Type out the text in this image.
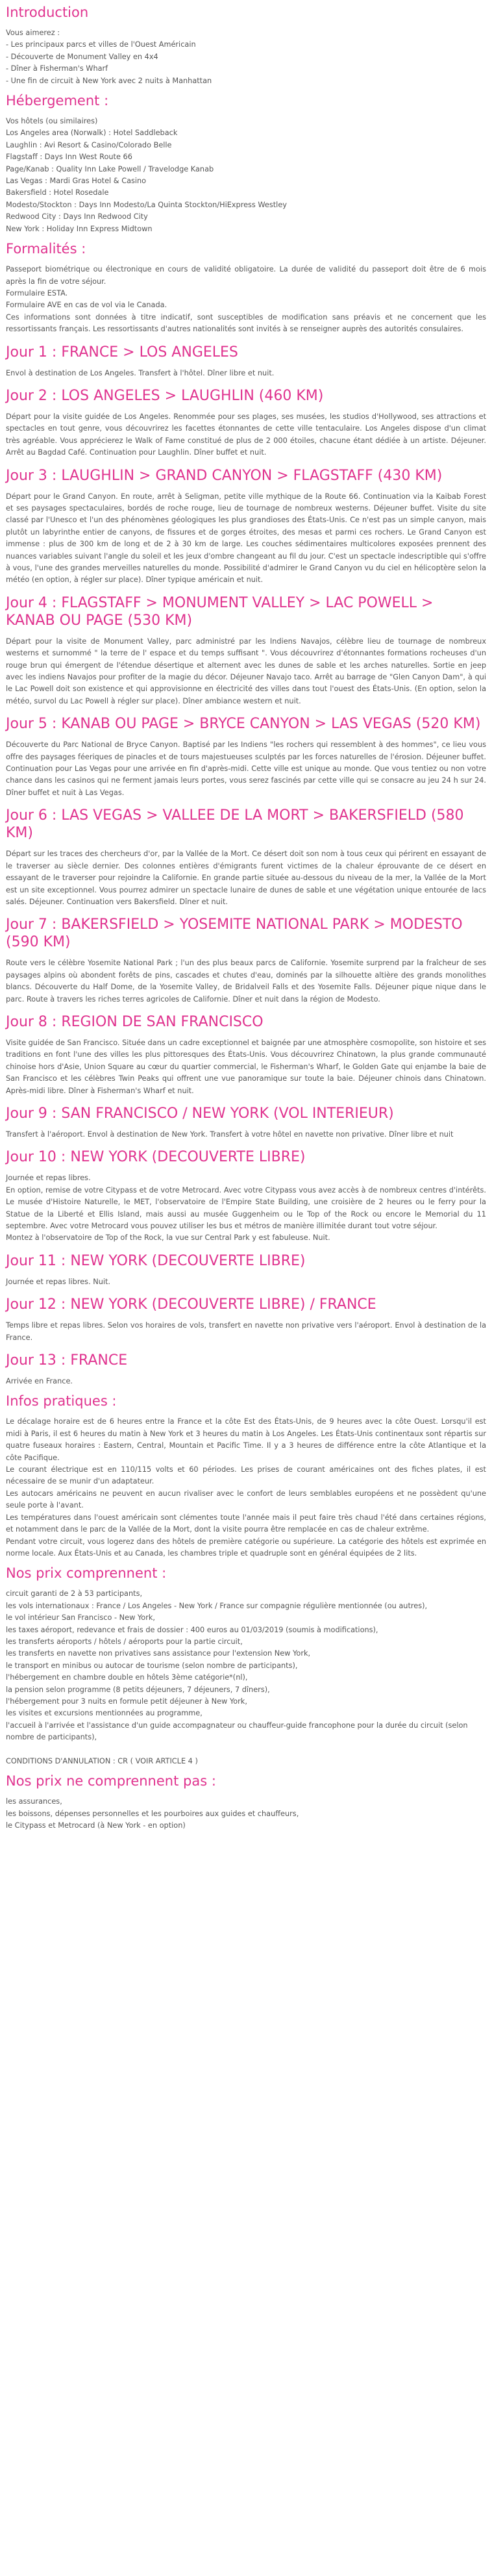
Introduction
Vous aimerez :
- Les principaux parcs et villes de l'Ouest Américain
- Découverte de Monument Valley en 4x4
- Dîner à Fisherman's Wharf
- Une fin de circuit à New York avec 2 nuits à Manhattan
Hébergement :
Vos hôtels (ou similaires)
Los Angeles area (Norwalk) : Hotel Saddleback
Laughlin : Avi Resort & Casino/Colorado Belle
Flagstaff : Days Inn West Route 66
Page/Kanab : Quality Inn Lake Powell / Travelodge Kanab
Las Vegas : Mardi Gras Hotel & Casino
Bakersfield : Hotel Rosedale
Modesto/Stockton : Days Inn Modesto/La Quinta Stockton/HiExpress Westley
Redwood City : Days Inn Redwood City
New York : Holiday Inn Express Midtown
Formalités :

Passeport biométrique ou électronique en cours de validité obligatoire. La durée de validité du passeport doit être de 6 mois après la fin de votre séjour.
Formulaire ESTA.
Formulaire AVE en cas de vol via le Canada.
Ces informations sont données à titre indicatif, sont susceptibles de modification sans préavis et ne concernent que les ressortissants français. Les ressortissants d'autres nationalités sont invités à se renseigner auprès des autorités consulaires.

Jour 1 : FRANCE > LOS ANGELES

Envol à destination de Los Angeles. Transfert à l'hôtel. Dîner libre et nuit.

Jour 2 : LOS ANGELES > LAUGHLIN (460 KM)

Départ pour la visite guidée de Los Angeles. Renommée pour ses plages, ses musées, les studios d'Hollywood, ses attractions et spectacles en tout genre, vous découvrirez les facettes étonnantes de cette ville tentaculaire. Los Angeles dispose d'un climat très agréable. Vous apprécierez le Walk of Fame constitué de plus de 2 000 étoiles, chacune étant dédiée à un artiste. Déjeuner. Arrêt au Bagdad Café. Continuation pour Laughlin. Dîner buffet et nuit.

Jour 3 : LAUGHLIN > GRAND CANYON > FLAGSTAFF (430 KM)

Départ pour le Grand Canyon. En route, arrêt à Seligman, petite ville mythique de la Route 66. Continuation via la Kaibab Forest et ses paysages spectaculaires, bordés de roche rouge, lieu de tournage de nombreux westerns. Déjeuner buffet. Visite du site classé par l'Unesco et l'un des phénomènes géologiques les plus grandioses des États-Unis. Ce n'est pas un simple canyon, mais plutôt un labyrinthe entier de canyons, de fissures et de gorges étroites, des mesas et parmi ces rochers. Le Grand Canyon est immense : plus de 300 km de long et de 2 à 30 km de large. Les couches sédimentaires multicolores exposées prennent des nuances variables suivant l'angle du soleil et les jeux d'ombre changeant au fil du jour. C'est un spectacle indescriptible qui s'offre à vous, l'une des grandes merveilles naturelles du monde. Possibilité d'admirer le Grand Canyon vu du ciel en hélicoptère selon la météo (en option, à régler sur place). Dîner typique américain et nuit.

Jour 4 : FLAGSTAFF > MONUMENT VALLEY > LAC POWELL > KANAB OU PAGE (530 KM)

Départ pour la visite de Monument Valley, parc administré par les Indiens Navajos, célèbre lieu de tournage de nombreux westerns et surnommé " la terre de l' espace et du temps suffisant ". Vous découvrirez d'étonnantes formations rocheuses d'un rouge brun qui émergent de l'étendue désertique et alternent avec les dunes de sable et les arches naturelles. Sortie en jeep avec les indiens Navajos pour profiter de la magie du décor. Déjeuner Navajo taco. Arrêt au barrage de "Glen Canyon Dam", à qui le Lac Powell doit son existence et qui approvisionne en électricité des villes dans tout l'ouest des États-Unis. (En option, selon la météo, survol du Lac Powell à régler sur place). Dîner ambiance western et nuit.

Jour 5 : KANAB OU PAGE > BRYCE CANYON > LAS VEGAS (520 KM)

Découverte du Parc National de Bryce Canyon. Baptisé par les Indiens "les rochers qui ressemblent à des hommes", ce lieu vous offre des paysages féeriques de pinacles et de tours majestueuses sculptés par les forces naturelles de l'érosion. Déjeuner buffet. Continuation pour Las Vegas pour une arrivée en fin d'après-midi. Cette ville est unique au monde. Que vous tentiez ou non votre chance dans les casinos qui ne ferment jamais leurs portes, vous serez fascinés par cette ville qui se consacre au jeu 24 h sur 24. Dîner buffet et nuit à Las Vegas.

Jour 6 : LAS VEGAS > VALLEE DE LA MORT > BAKERSFIELD (580 KM)

Départ sur les traces des chercheurs d'or, par la Vallée de la Mort. Ce désert doit son nom à tous ceux qui périrent en essayant de le traverser au siècle dernier. Des colonnes entières d'émigrants furent victimes de la chaleur éprouvante de ce désert en essayant de le traverser pour rejoindre la Californie. En grande partie située au-dessous du niveau de la mer, la Vallée de la Mort est un site exceptionnel. Vous pourrez admirer un spectacle lunaire de dunes de sable et une végétation unique entourée de lacs salés. Déjeuner. Continuation vers Bakersfield. Dîner et nuit.

Jour 7 : BAKERSFIELD > YOSEMITE NATIONAL PARK > MODESTO (590 KM)

Route vers le célèbre Yosemite National Park ; l'un des plus beaux parcs de Californie. Yosemite surprend par la fraîcheur de ses paysages alpins où abondent forêts de pins, cascades et chutes d'eau, dominés par la silhouette altière des grands monolithes blancs. Découverte du Half Dome, de la Yosemite Valley, de Bridalveil Falls et des Yosemite Falls. Déjeuner pique nique dans le parc. Route à travers les riches terres agricoles de Californie. Dîner et nuit dans la région de Modesto.

Jour 8 : REGION DE SAN FRANCISCO

Visite guidée de San Francisco. Située dans un cadre exceptionnel et baignée par une atmosphère cosmopolite, son histoire et ses traditions en font l'une des villes les plus pittoresques des États-Unis. Vous découvrirez Chinatown, la plus grande communauté chinoise hors d'Asie, Union Square au cœur du quartier commercial, le Fisherman's Wharf, le Golden Gate qui enjambe la baie de San Francisco et les célèbres Twin Peaks qui offrent une vue panoramique sur toute la baie. Déjeuner chinois dans Chinatown. Après-midi libre. Dîner à Fisherman's Wharf et nuit.

Jour 9 : SAN FRANCISCO / NEW YORK (VOL INTERIEUR)

Transfert à l'aéroport. Envol à destination de New York. Transfert à votre hôtel en navette non privative. Dîner libre et nuit

Jour 10 : NEW YORK (DECOUVERTE LIBRE)

Journée et repas libres.
En option, remise de votre Citypass et de votre Metrocard. Avec votre Citypass vous avez accès à de nombreux centres d'intérêts. Le musée d'Histoire Naturelle, le MET, l'observatoire de l'Empire State Building, une croisière de 2 heures ou le ferry pour la Statue de la Liberté et Ellis Island, mais aussi au musée Guggenheim ou le Top of the Rock ou encore le Memorial du 11 septembre. Avec votre Metrocard vous pouvez utiliser les bus et métros de manière illimitée durant tout votre séjour.
Montez à l'observatoire de Top of the Rock, la vue sur Central Park y est fabuleuse. Nuit.

Jour 11 : NEW YORK (DECOUVERTE LIBRE)

Journée et repas libres. Nuit.

Jour 12 : NEW YORK (DECOUVERTE LIBRE) / FRANCE

Temps libre et repas libres. Selon vos horaires de vols, transfert en navette non privative vers l'aéroport. Envol à destination de la France.

Jour 13 : FRANCE

Arrivée en France.

Infos pratiques :

Le décalage horaire est de 6 heures entre la France et la côte Est des États-Unis, de 9 heures avec la côte Ouest. Lorsqu'il est midi à Paris, il est 6 heures du matin à New York et 3 heures du matin à Los Angeles. Les États-Unis continentaux sont répartis sur quatre fuseaux horaires : Eastern, Central, Mountain et Pacific Time. Il y a 3 heures de différence entre la côte Atlantique et la côte Pacifique.
Le courant électrique est en 110/115 volts et 60 périodes. Les prises de courant américaines ont des fiches plates, il est nécessaire de se munir d'un adaptateur.
Les autocars américains ne peuvent en aucun rivaliser avec le confort de leurs semblables européens et ne possèdent qu'une seule porte à l'avant.
Les températures dans l'ouest américain sont clémentes toute l'année mais il peut faire très chaud l'été dans certaines régions, et notamment dans le parc de la Vallée de la Mort, dont la visite pourra être remplacée en cas de chaleur extrême.
Pendant votre circuit, vous logerez dans des hôtels de première catégorie ou supérieure. La catégorie des hôtels est exprimée en norme locale. Aux États-Unis et au Canada, les chambres triple et quadruple sont en général équipées de 2 lits.

Nos prix comprennent :
circuit garanti de 2 à 53 participants,
les vols internationaux : France / Los Angeles - New York / France sur compagnie régulière mentionnée (ou autres),
le vol intérieur San Francisco - New York,
les taxes aéroport, redevance et frais de dossier : 400 euros au 01/03/2019 (soumis à modifications),
les transferts aéroports / hôtels / aéroports pour la partie circuit,
les transferts en navette non privatives sans assistance pour l'extension New York,
le transport en minibus ou autocar de tourisme (selon nombre de participants),
l'hébergement en chambre double en hôtels 3ème catégorie*(nl),
la pension selon programme (8 petits déjeuners, 7 déjeuners, 7 dîners),
l'hébergement pour 3 nuits en formule petit déjeuner à New York,
les visites et excursions mentionnées au programme,
l'accueil à l'arrivée et l'assistance d'un guide accompagnateur ou chauffeur-guide francophone pour la durée du circuit (selon nombre de participants),

CONDITIONS D'ANNULATION : CR ( VOIR ARTICLE 4 )
Nos prix ne comprennent pas :
les assurances,
les boissons, dépenses personnelles et les pourboires aux guides et chauffeurs,
le Citypass et Metrocard (à New York - en option)
